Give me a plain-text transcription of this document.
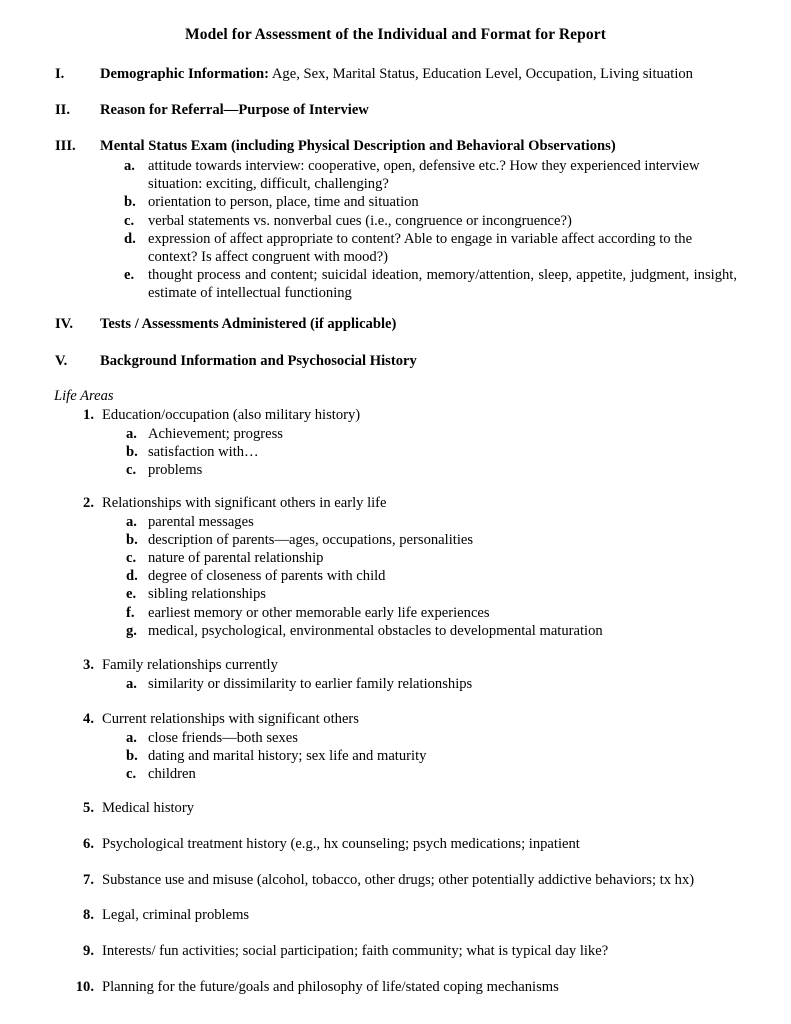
Model for Assessment of the Individual and Format for Report
I. Demographic Information: Age, Sex, Marital Status, Education Level, Occupation, Living situation
II. Reason for Referral—Purpose of Interview
III. Mental Status Exam (including Physical Description and Behavioral Observations)
a. attitude towards interview: cooperative, open, defensive etc.? How they experienced interview situation: exciting, difficult, challenging?
b. orientation to person, place, time and situation
c. verbal statements vs. nonverbal cues (i.e., congruence or incongruence?)
d. expression of affect appropriate to content? Able to engage in variable affect according to the context? Is affect congruent with mood?)
e. thought process and content; suicidal ideation, memory/attention, sleep, appetite, judgment, insight, estimate of intellectual functioning
IV. Tests / Assessments Administered (if applicable)
V. Background Information and Psychosocial History
Life Areas
1. Education/occupation (also military history)
a. Achievement; progress
b. satisfaction with…
c. problems
2. Relationships with significant others in early life
a. parental messages
b. description of parents—ages, occupations, personalities
c. nature of parental relationship
d. degree of closeness of parents with child
e. sibling relationships
f. earliest memory or other memorable early life experiences
g. medical, psychological, environmental obstacles to developmental maturation
3. Family relationships currently
a. similarity or dissimilarity to earlier family relationships
4. Current relationships with significant others
a. close friends—both sexes
b. dating and marital history; sex life and maturity
c. children
5. Medical history
6. Psychological treatment history (e.g., hx counseling; psych medications; inpatient
7. Substance use and misuse (alcohol, tobacco, other drugs; other potentially addictive behaviors; tx hx)
8. Legal, criminal problems
9. Interests/ fun activities; social participation; faith community; what is typical day like?
10. Planning for the future/goals and philosophy of life/stated coping mechanisms
